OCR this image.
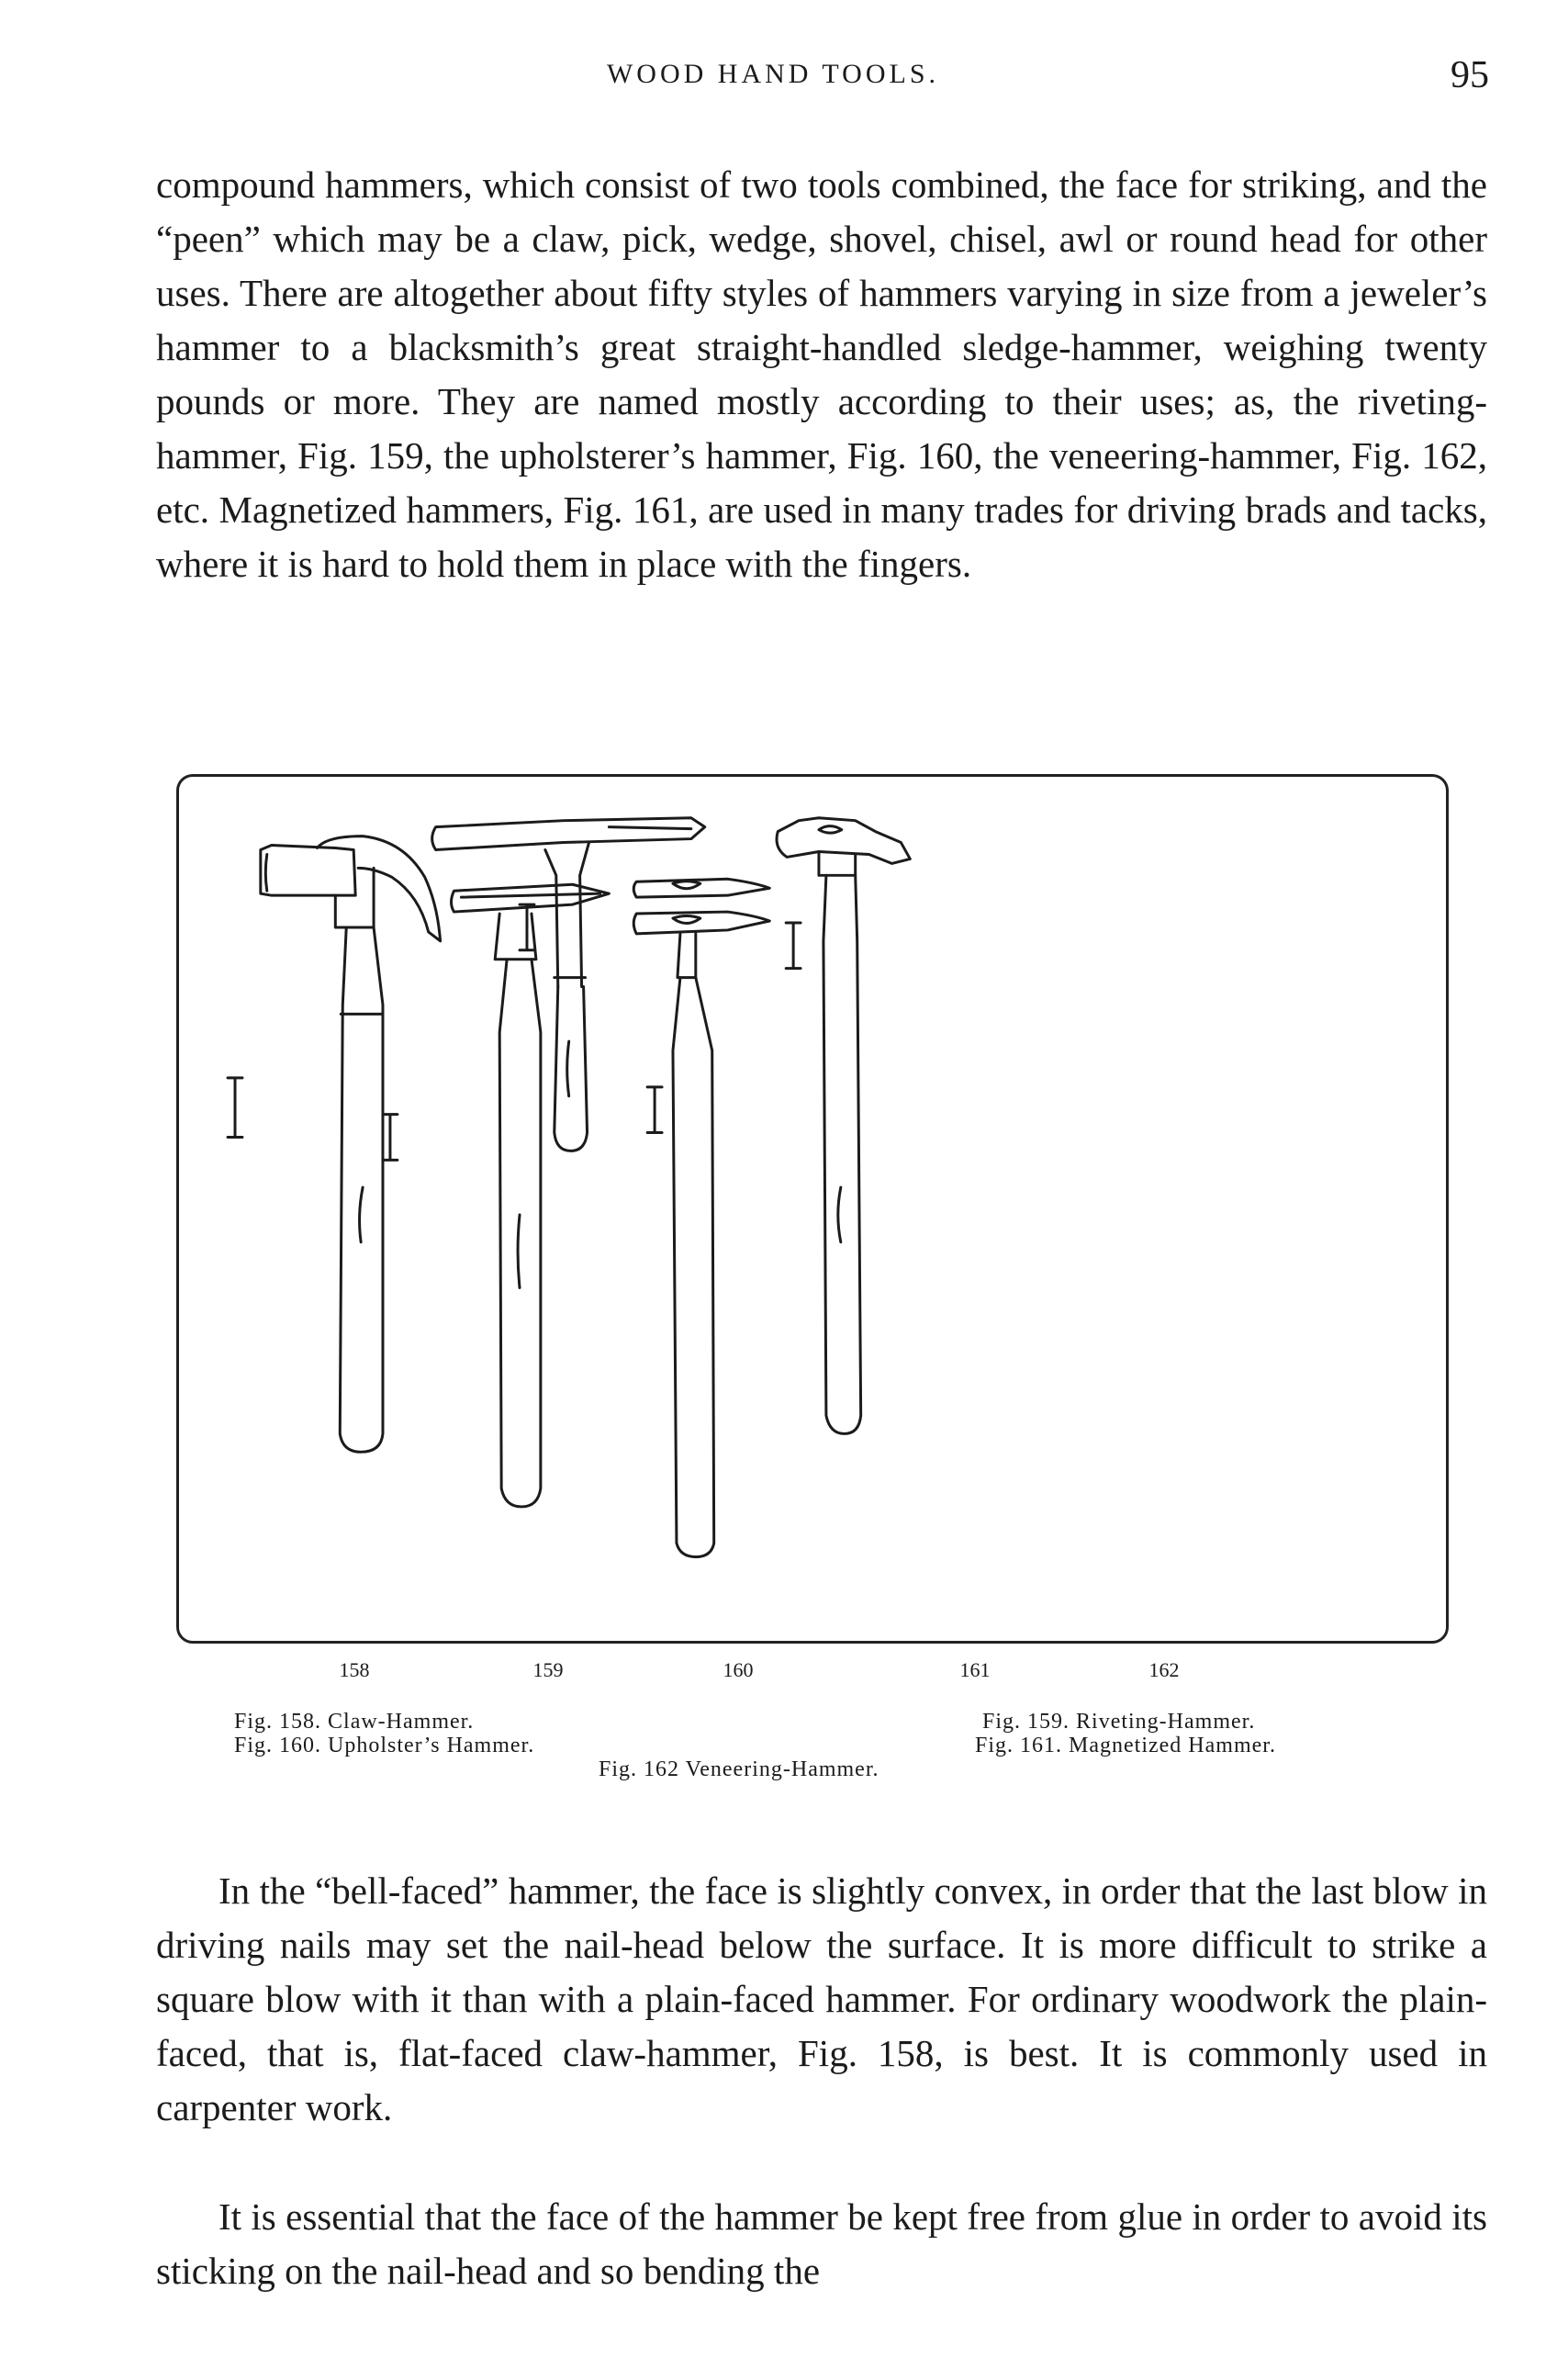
WOOD HAND TOOLS.	95
compound hammers, which consist of two tools combined, the face for striking, and the “peen” which may be a claw, pick, wedge, shovel, chisel, awl or round head for other uses. There are altogether about fifty styles of hammers varying in size from a jeweler’s hammer to a blacksmith’s great straight-handled sledge-hammer, weighing twenty pounds or more. They are named mostly according to their uses; as, the riveting-hammer, Fig. 159, the upholsterer’s hammer, Fig. 160, the veneering-hammer, Fig. 162, etc. Magnetized hammers, Fig. 161, are used in many trades for driving brads and tacks, where it is hard to hold them in place with the fingers.
158	159	160	161	162
Fig. 158. Claw-Hammer.	Fig. 159. Riveting-Hammer.
Fig. 160. Upholster’s Hammer.	Fig. 161. Magnetized Hammer.
Fig. 162 Veneering-Hammer.
In the “bell-faced” hammer, the face is slightly convex, in order that the last blow in driving nails may set the nail-head below the surface. It is more difficult to strike a square blow with it than with a plain-faced hammer. For ordinary woodwork the plain-faced, that is, flat-faced claw-hammer, Fig. 158, is best. It is commonly used in carpenter work.
It is essential that the face of the hammer be kept free from glue in order to avoid its sticking on the nail-head and so bending the
